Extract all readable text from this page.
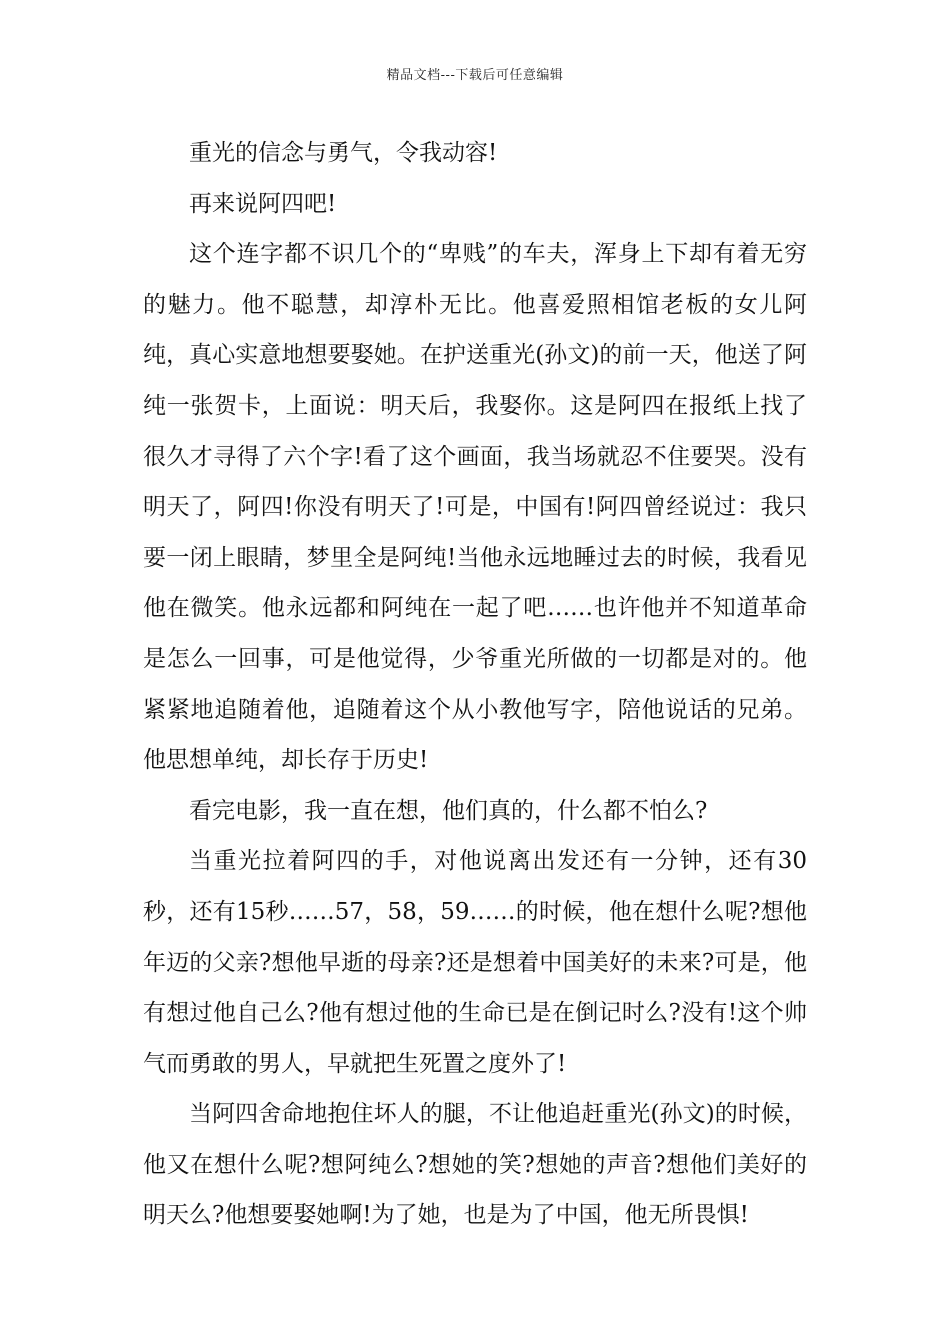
精品文档---下载后可任意编辑

重光的信念与勇气，令我动容!

再来说阿四吧!

这个连字都不识几个的“卑贱”的车夫，浑身上下却有着无穷的魅力。他不聪慧，却淳朴无比。他喜爱照相馆老板的女儿阿纯，真心实意地想要娶她。在护送重光(孙文)的前一天，他送了阿纯一张贺卡，上面说：明天后，我娶你。这是阿四在报纸上找了很久才寻得了六个字!看了这个画面，我当场就忍不住要哭。没有明天了，阿四!你没有明天了!可是，中国有!阿四曾经说过：我只要一闭上眼睛，梦里全是阿纯!当他永远地睡过去的时候，我看见他在微笑。他永远都和阿纯在一起了吧……也许他并不知道革命是怎么一回事，可是他觉得，少爷重光所做的一切都是对的。他紧紧地追随着他，追随着这个从小教他写字，陪他说话的兄弟。他思想单纯，却长存于历史!

看完电影，我一直在想，他们真的，什么都不怕么?

当重光拉着阿四的手，对他说离出发还有一分钟，还有30秒，还有15秒……57，58，59……的时候，他在想什么呢?想他年迈的父亲?想他早逝的母亲?还是想着中国美好的未来?可是，他有想过他自己么?他有想过他的生命已是在倒记时么?没有!这个帅气而勇敢的男人，早就把生死置之度外了!

当阿四舍命地抱住坏人的腿，不让他追赶重光(孙文)的时候，他又在想什么呢?想阿纯么?想她的笑?想她的声音?想他们美好的明天么?他想要娶她啊!为了她，也是为了中国，他无所畏惧!
